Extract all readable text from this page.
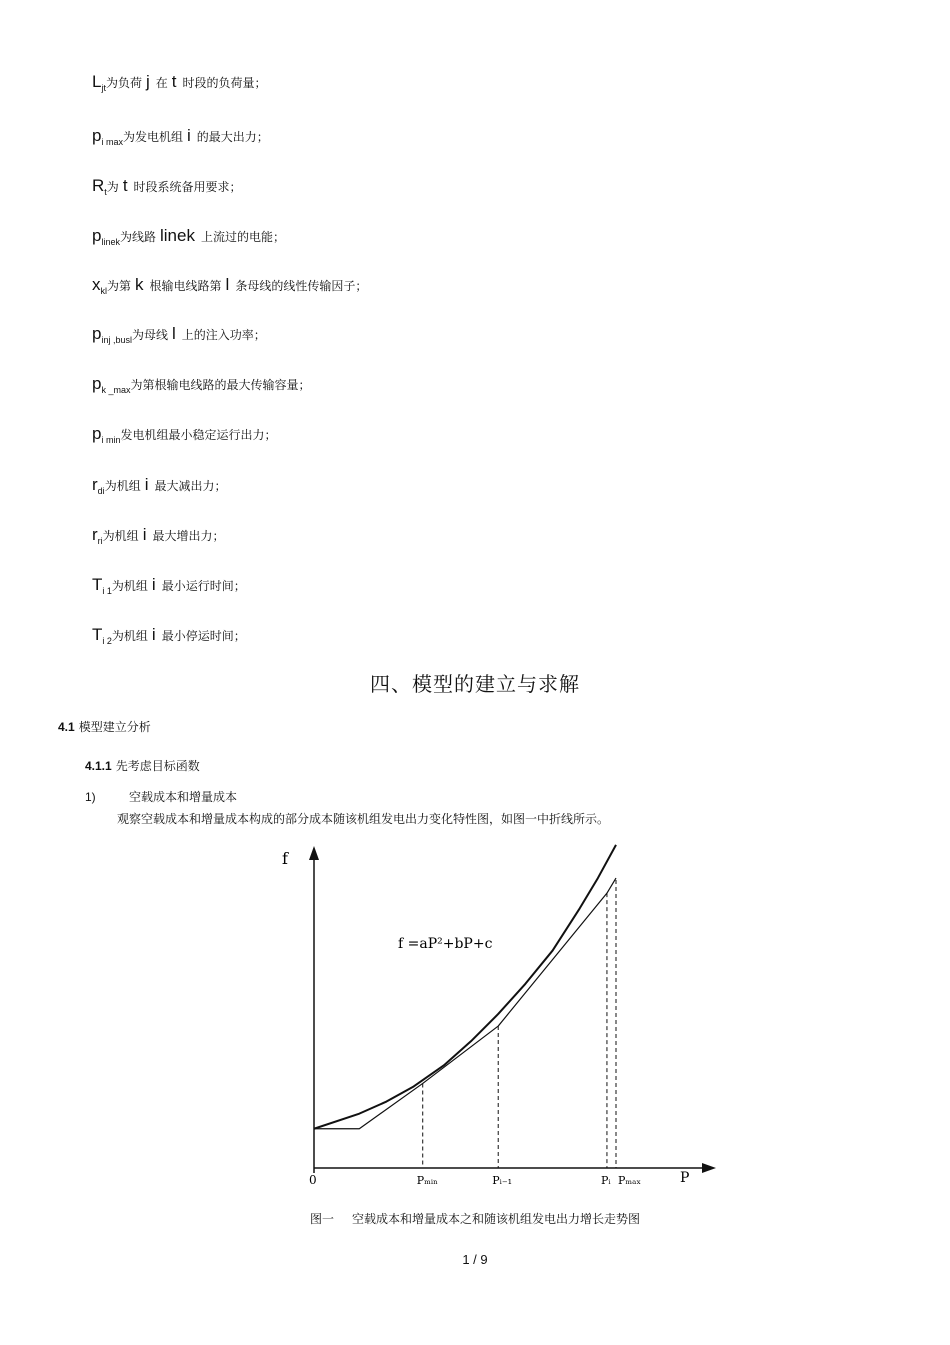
$L_{jt}$为负荷 j 在 t 时段的负荷量；
$p_{i max}$为发电机组 i 的最大出力；
$R_t$为 t 时段系统备用要求；
$p_{linek}$为线路 linek 上流过的电能；
$x_{kl}$为第 k 根输电线路第 l 条母线的线性传输因子；
$p_{inj ,busl}$为母线 l 上的注入功率；
$p_{k \_max}$为第根输电线路的最大传输容量；
$p_{i min}$发电机组最小稳定运行出力；
$r_{di}$为机组 i 最大减出力；
$r_{ri}$为机组 i 最大增出力；
$T_{i 1}$为机组 i 最小运行时间；
$T_{i 2}$为机组 i 最小停运时间；
四、模型的建立与求解
4.1 模型建立分析
4.1.1 先考虑目标函数
1)	空载成本和增量成本
观察空载成本和增量成本构成的部分成本随该机组发电出力变化特性图，如图一中折线所示。
f
P
0
f =aP²+bP+c
Pₘᵢₙ	Pᵢ₋₁	Pᵢ Pₘₐₓ
图一 空载成本和增量成本之和随该机组发电出力增长走势图
1 / 9
